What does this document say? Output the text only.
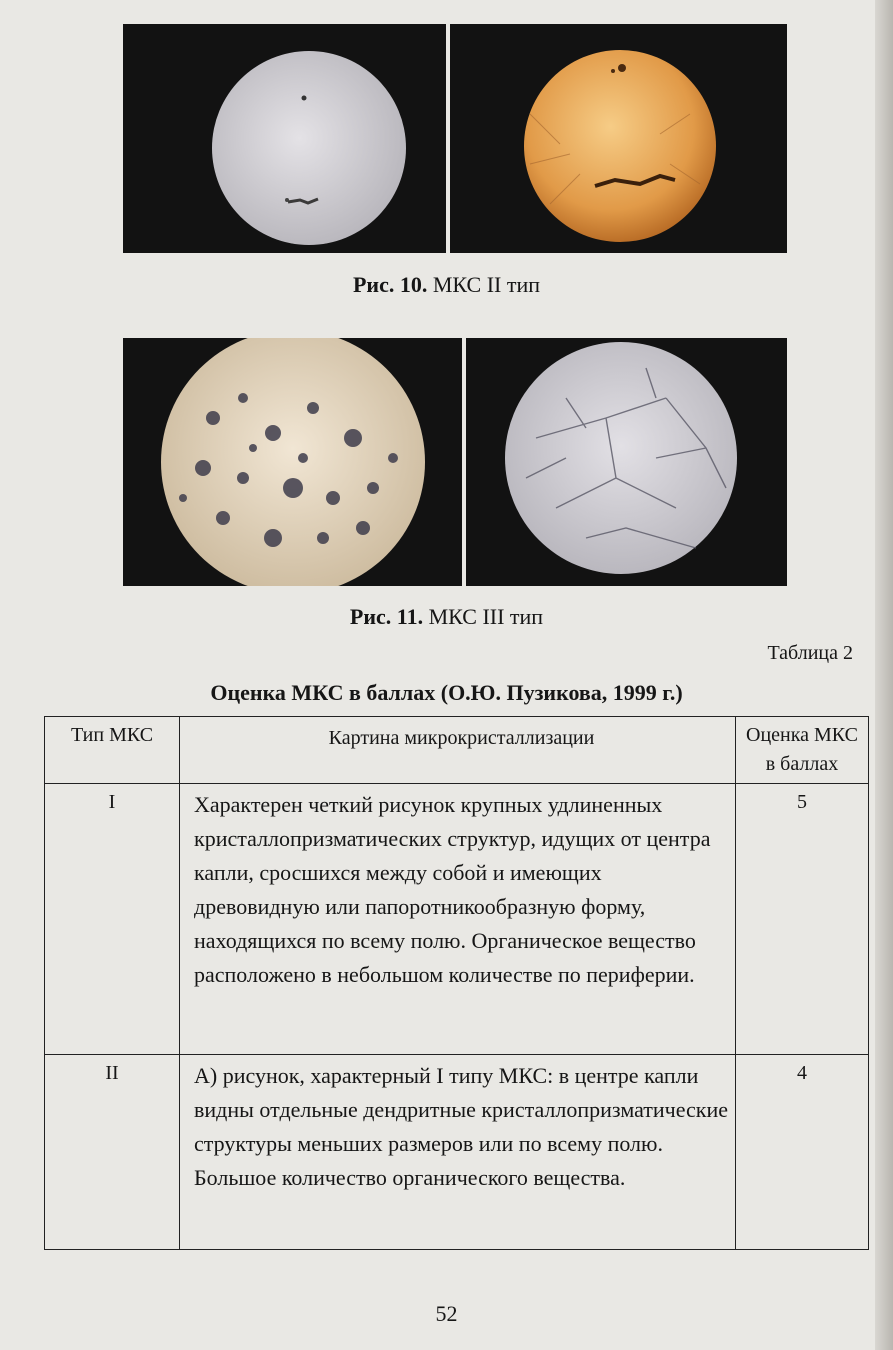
Рис. 10. МКС II тип
Рис. 11. МКС III тип
Таблица 2
Оценка МКС в баллах (О.Ю. Пузикова, 1999 г.)
Тип МКС	Картина микрокристаллизации	Оценка МКС в баллах
I	Характерен четкий рисунок крупных удлиненных кристаллопризматических структур, идущих от центра капли, сросшихся между собой и имеющих древовидную или папоротникообразную форму, находящихся по всему полю. Органическое вещество расположено в небольшом количестве по периферии.	5
II	А) рисунок, характерный I типу МКС: в центре капли видны отдельные дендритные кристаллопризматические структуры меньших размеров или по всему полю. Большое количество органического вещества.	4
52
